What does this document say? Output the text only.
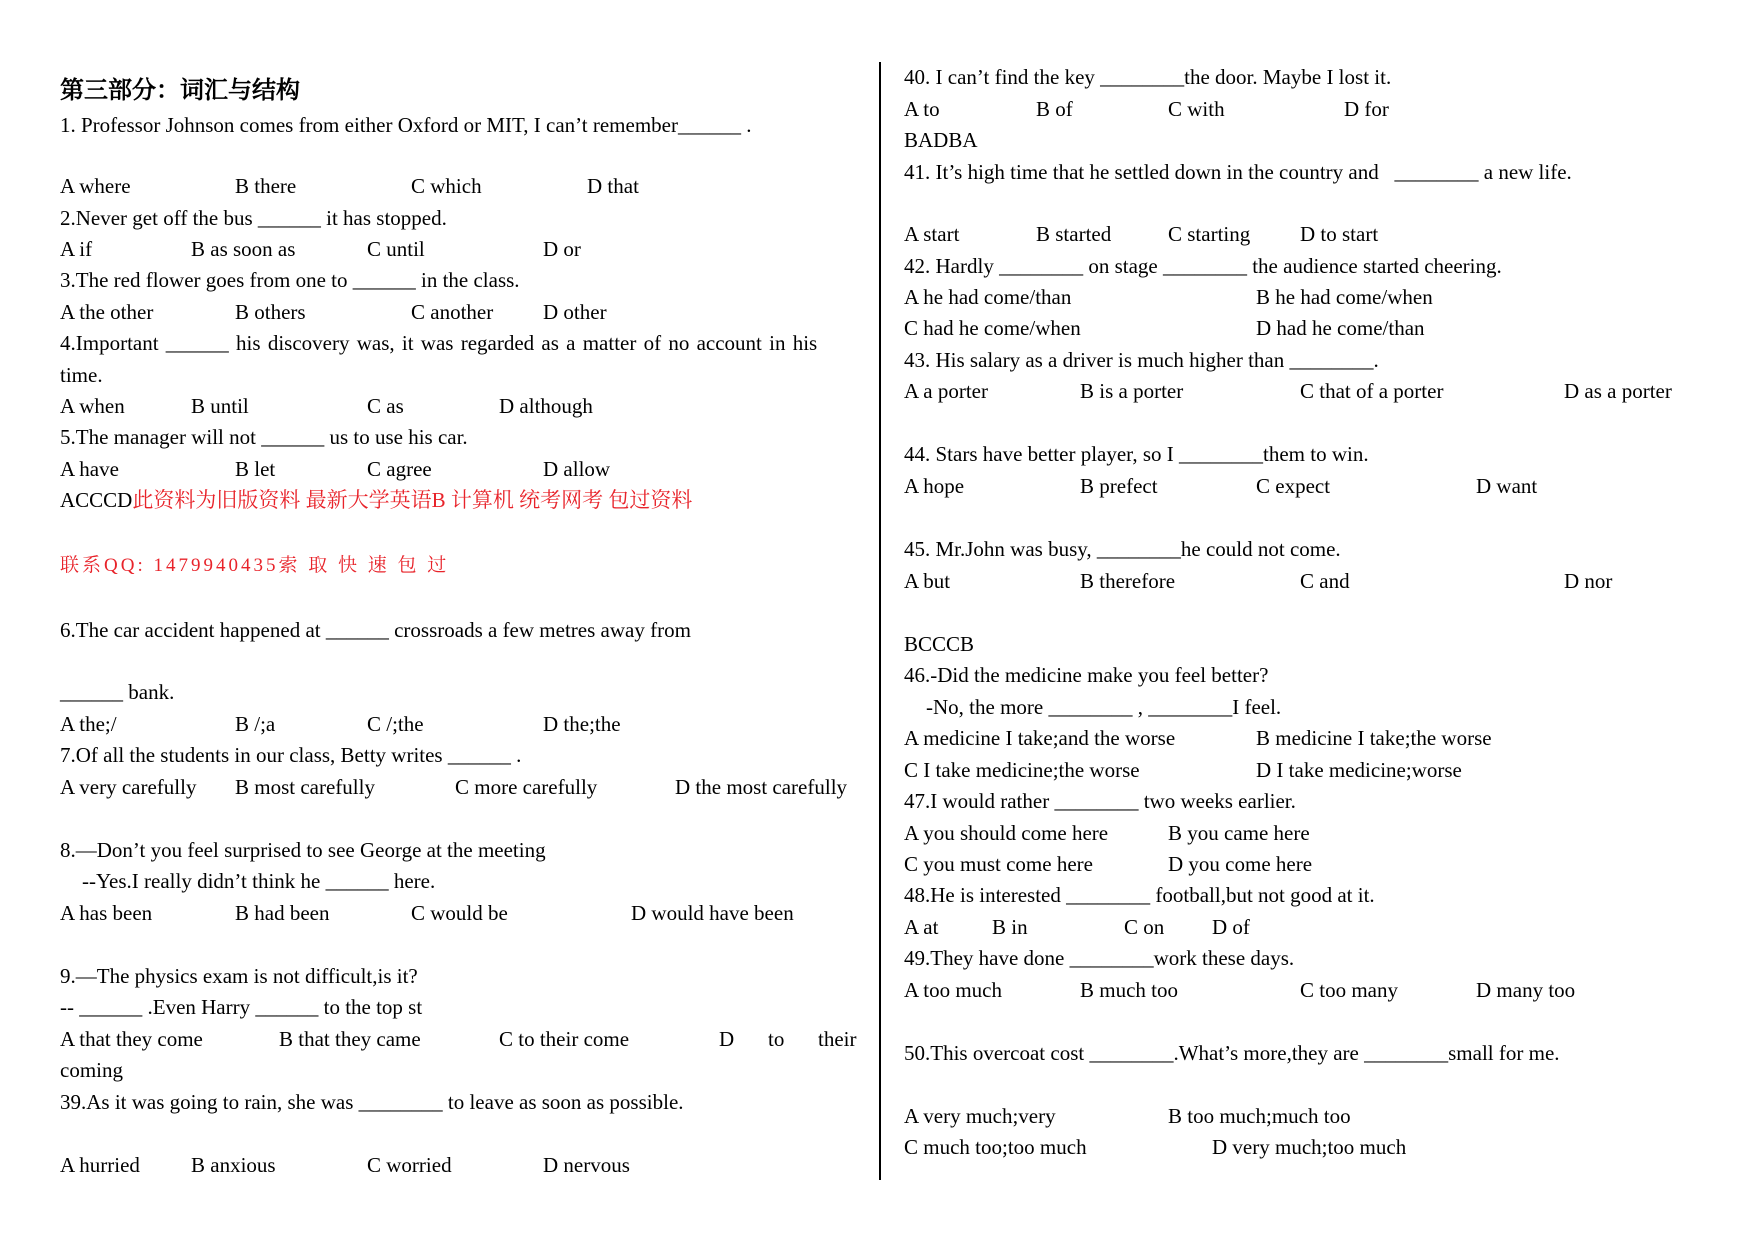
第三部分：词汇与结构
1. Professor Johnson comes from either Oxford or MIT, I can’t remember______ .
A where	B there	C which	D that
2.Never get off the bus ______ it has stopped.
A if	B as soon as	C until	D or
3.The red flower goes from one to ______ in the class.
A the other	B others	C another D other
4.Important ______ his discovery was, it was regarded as a matter of no account in his
time.
A when	B until	C as	D although
5.The manager will not ______ us to use his car.
A have	B let	C agree	D allow
ACCCD此资料为旧版资料 最新大学英语B 计算机 统考网考 包过资料
联系QQ: 1479940435索 取 快 速 包 过
6.The car accident happened at ______ crossroads a few metres away from
______ bank.
A the;/	B /;a	C /;the	D the;the
7.Of all the students in our class, Betty writes ______ .
A very carefully B most carefully	C more carefully	D the most carefully
8.—Don’t you feel surprised to see George at the meeting
--Yes.I really didn’t think he ______ here.
A has been	B had been	C would be	D would have been
9.—The physics exam is not difficult,is it?
-- ______ .Even Harry ______ to the top st
A that they come	B that they came	C to their come	D to their
coming
39.As it was going to rain, she was ________ to leave as soon as possible.
A hurried B anxious	C worried	D nervous
40. I can’t find the key ________the door. Maybe I lost it.
A to	B of	C with	D for
BADBA
41. It’s high time that he settled down in the country and   ________ a new life.
A start	B started	C starting D to start
42. Hardly ________ on stage ________ the audience started cheering.
A he had come/than	B he had come/when
C had he come/when	D had he come/than
43. His salary as a driver is much higher than ________.
A a porter	B is a porter	C that of a porter	D as a porter
44. Stars have better player, so I ________them to win.
A hope	B prefect	C expect	D want
45. Mr.John was busy, ________he could not come.
A but	B therefore	C and	D nor
BCCCB
46.-Did the medicine make you feel better?
-No, the more ________ , ________I feel.
A medicine I take;and the worse	B medicine I take;the worse
C I take medicine;the worse	D I take medicine;worse
47.I would rather ________ two weeks earlier.
A you should come here	B you came here
C you must come here	D you come here
48.He is interested ________ football,but not good at it.
A at	B in	C on D of
49.They have done ________work these days.
A too much	B much too	C too many	D many too
50.This overcoat cost ________.What’s more,they are ________small for me.
A very much;very	B too much;much too
C much too;too much	D very much;too much
